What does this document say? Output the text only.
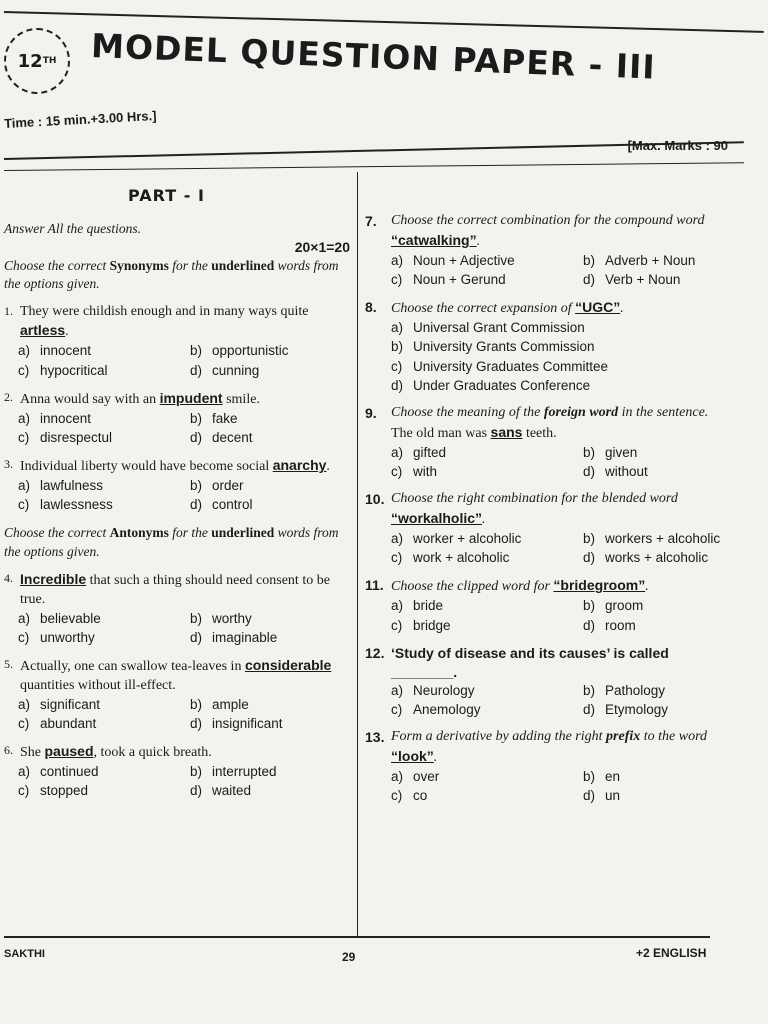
12 TH MODEL QUESTION PAPER - III
Time : 15 min.+3.00 Hrs.]
[Max. Marks : 90
PART - I

Answer All the questions.

20×1=20

Choose the correct Synonyms for the underlined words from the options given.

1. They were childish enough and in many ways quite artless.
a) innocent	b) opportunistic
c) hypocritical	d) cunning
2. Anna would say with an impudent smile.
a) innocent	b) fake
c) disrespectul	d) decent
3. Individual liberty would have become social anarchy.
a) lawfulness	b) order
c) lawlessness	d) control

Choose the correct Antonyms for the underlined words from the options given.

4. Incredible that such a thing should need consent to be true.
a) believable	b) worthy
c) unworthy	d) imaginable
5. Actually, one can swallow tea-leaves in considerable quantities without ill-effect.
a) significant	b) ample
c) abundant	d) insignificant
6. She paused, took a quick breath.
a) continued	b) interrupted
c) stopped	d) waited
7.	Choose the correct combination for the compound word “catwalking”.
a) Noun + Adjective	b) Adverb + Noun
c) Noun + Gerund	d) Verb + Noun
8.	Choose the correct expansion of “UGC”.
a) Universal Grant Commission
b) University Grants Commission
c) University Graduates Committee
d) Under Graduates Conference
9.	Choose the meaning of the foreign word in the sentence.
The old man was sans teeth.
a) gifted	b) given
c) with	d) without
10. Choose the right combination for the blended word “workalholic”.
a) worker + alcoholic	b) workers + alcoholic
c) work + alcoholic	d) works + alcoholic
11. Choose the clipped word for “bridegroom”.
a) bride	b) groom
c) bridge	d) room
12. ‘Study of disease and its causes’ is called ________.
a) Neurology	b) Pathology
c) Anemology	d) Etymology
13. Form a derivative by adding the right prefix to the word “look”.
a) over	b) en
c) co	d) un
SAKTHI	29	+2 ENGLISH
